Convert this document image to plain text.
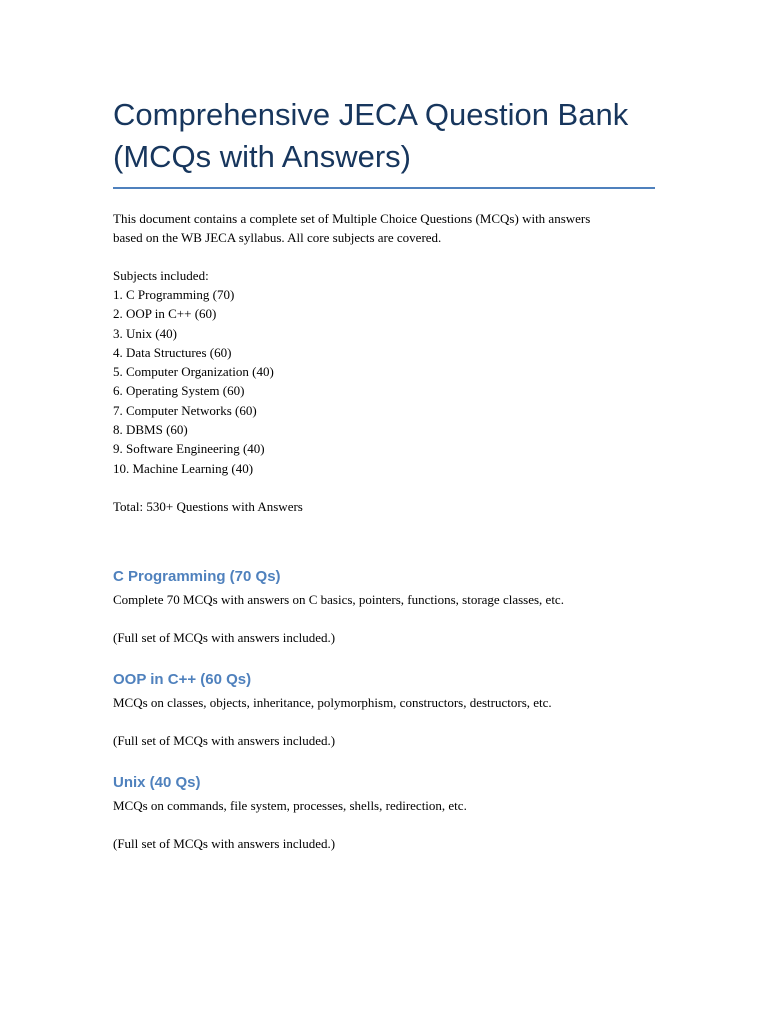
Comprehensive JECA Question Bank
(MCQs with Answers)

This document contains a complete set of Multiple Choice Questions (MCQs) with answers
based on the WB JECA syllabus. All core subjects are covered.

Subjects included:

1. C Programming (70)
2. OOP in C++ (60)
3. Unix (40)
4. Data Structures (60)
5. Computer Organization (40)
6. Operating System (60)
7. Computer Networks (60)
8. DBMS (60)
9. Software Engineering (40)
10. Machine Learning (40)

Total: 530+ Questions with Answers

C Programming (70 Qs)

Complete 70 MCQs with answers on C basics, pointers, functions, storage classes, etc.

(Full set of MCQs with answers included.)

OOP in C++ (60 Qs)

MCQs on classes, objects, inheritance, polymorphism, constructors, destructors, etc.

(Full set of MCQs with answers included.)

Unix (40 Qs)

MCQs on commands, file system, processes, shells, redirection, etc.

(Full set of MCQs with answers included.)
